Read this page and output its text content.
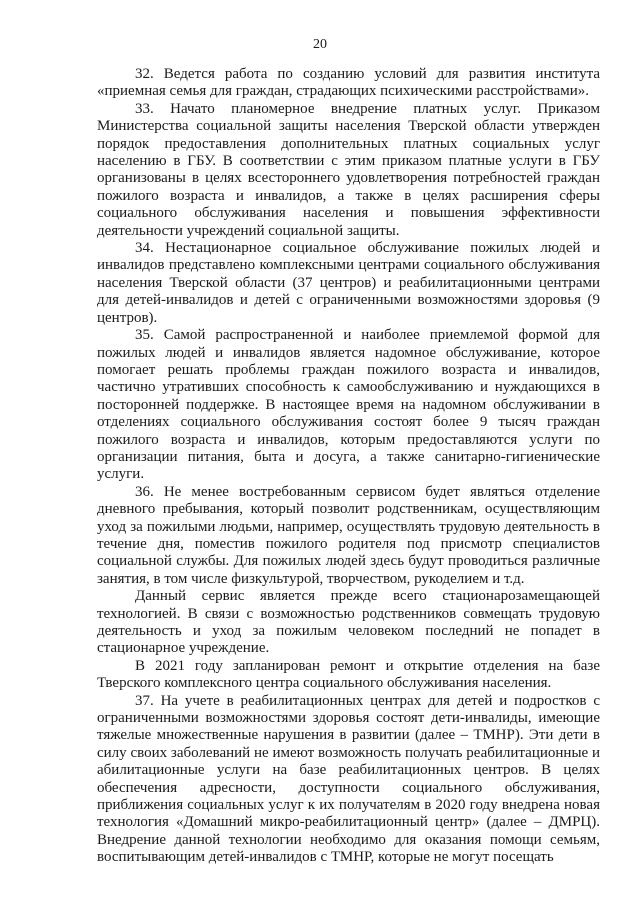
20

32. Ведется работа по созданию условий для развития института «приемная семья для граждан, страдающих психическими расстройствами».

33. Начато планомерное внедрение платных услуг. Приказом Министерства социальной защиты населения Тверской области утвержден порядок предоставления дополнительных платных социальных услуг населению в ГБУ. В соответствии с этим приказом платные услуги в ГБУ организованы в целях всестороннего удовлетворения потребностей граждан пожилого возраста и инвалидов, а также в целях расширения сферы социального обслуживания населения и повышения эффективности деятельности учреждений социальной защиты.

34. Нестационарное социальное обслуживание пожилых людей и инвалидов представлено комплексными центрами социального обслуживания населения Тверской области (37 центров) и реабилитационными центрами для детей-инвалидов и детей с ограниченными возможностями здоровья (9 центров).

35. Самой распространенной и наиболее приемлемой формой для пожилых людей и инвалидов является надомное обслуживание, которое помогает решать проблемы граждан пожилого возраста и инвалидов, частично утративших способность к самообслуживанию и нуждающихся в посторонней поддержке. В настоящее время на надомном обслуживании в отделениях социального обслуживания состоят более 9 тысяч граждан пожилого возраста и инвалидов, которым предоставляются услуги по организации питания, быта и досуга, а также санитарно-гигиенические услуги.

36. Не менее востребованным сервисом будет являться отделение дневного пребывания, который позволит родственникам, осуществляющим уход за пожилыми людьми, например, осуществлять трудовую деятельность в течение дня, поместив пожилого родителя под присмотр специалистов социальной службы. Для пожилых людей здесь будут проводиться различные занятия, в том числе физкультурой, творчеством, рукоделием и т.д.

Данный сервис является прежде всего стационарозамещающей технологией. В связи с возможностью родственников совмещать трудовую деятельность и уход за пожилым человеком последний не попадет в стационарное учреждение.

В 2021 году запланирован ремонт и открытие отделения на базе Тверского комплексного центра социального обслуживания населения.

37. На учете в реабилитационных центрах для детей и подростков с ограниченными возможностями здоровья состоят дети-инвалиды, имеющие тяжелые множественные нарушения в развитии (далее – ТМНР). Эти дети в силу своих заболеваний не имеют возможность получать реабилитационные и абилитационные услуги на базе реабилитационных центров. В целях обеспечения адресности, доступности социального обслуживания, приближения социальных услуг к их получателям в 2020 году внедрена новая технология «Домашний микро-реабилитационный центр» (далее – ДМРЦ). Внедрение данной технологии необходимо для оказания помощи семьям, воспитывающим детей-инвалидов с ТМНР, которые не могут посещать
